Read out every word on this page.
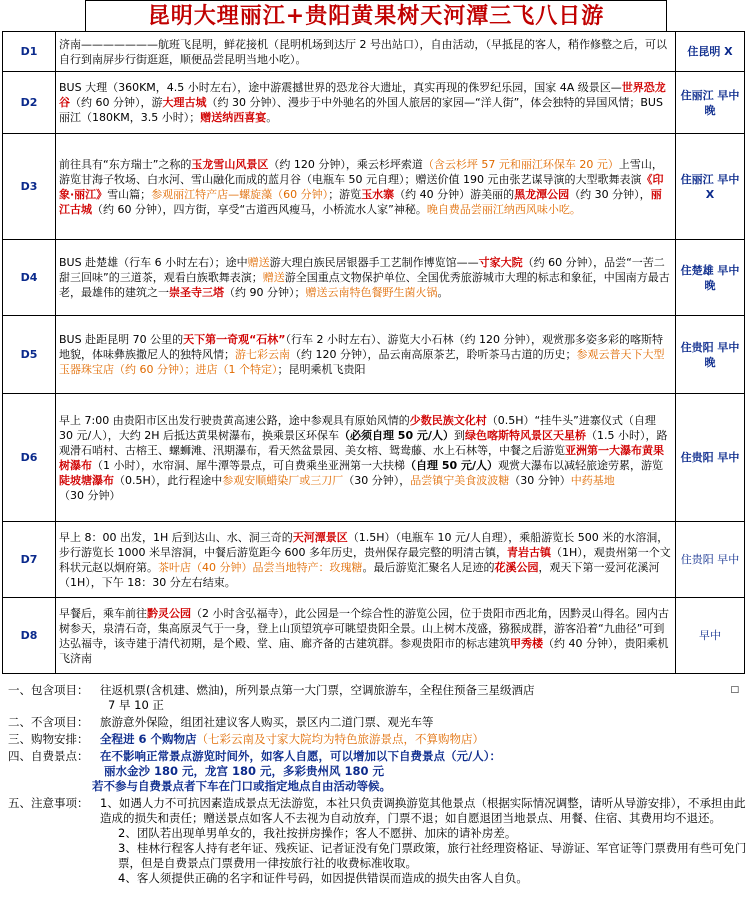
昆明大理丽江+贵阳黄果树天河潭三飞八日游
D1	济南———————航班飞昆明，鲜花接机（昆明机场到达厅 2 号出站口），自由活动，（早抵昆的客人，稍作修整之后，可以自行到南屏步行街逛逛，顺便品尝昆明当地小吃）。	住昆明 X
D2	BUS 大理（360KM，4.5 小时左右），途中游震撼世界的恐龙谷大遗址，真实再现的侏罗纪乐园，国家 4A 级景区—世界恐龙谷（约 60 分钟），游大理古城（约 30 分钟）、漫步于中外驰名的外国人旅居的家园—“洋人街”，体会独特的异国风情；BUS 丽江（180KM，3.5 小时）；赠送纳西喜宴。	住丽江 早中晚
D3	前往具有“东方瑞士”之称的玉龙雪山风景区（约 120 分钟），乘云杉坪索道（含云杉坪 57 元和丽江环保车 20 元）上雪山，游览甘海子牧场、白水河、雪山融化而成的蓝月谷（电瓶车 50 元自理）；赠送价值 190 元由张艺谋导演的大型歌舞表演《印象·丽江》雪山篇；参观丽江特产店—螺旋藻（60 分钟）；游览玉水寨（约 40 分钟）游美丽的黑龙潭公园（约 30 分钟），丽江古城（约 60 分钟），四方街，享受“古道西风瘦马，小桥流水人家”神秘。晚自费品尝丽江纳西风味小吃。	住丽江 早中 X
D4	BUS 赴楚雄（行车 6 小时左右）；途中赠送游大理白族民居银器手工艺制作博览馆——寸家大院（约 60 分钟），品尝“一苦二甜三回味”的三道茶，观看白族歌舞表演；赠送游全国重点文物保护单位、全国优秀旅游城市大理的标志和象征，中国南方最古老，最雄伟的建筑之一崇圣寺三塔（约 90 分钟）；赠送云南特色餐野生菌火锅。	住楚雄 早中晚
D5	BUS 赴距昆明 70 公里的天下第一奇观“石林”（行车 2 小时左右）、游览大小石林（约 120 分钟），观赏那多姿多彩的喀斯特地貌，体味彝族撒尼人的独特风情；游七彩云南（约 120 分钟），品云南高原茶艺，聆听茶马古道的历史；参观云普天下大型玉器珠宝店（约 60 分钟）；进店（1 个特定）；昆明乘机飞贵阳	住贵阳 早中晚
D6	早上 7:00 由贵阳市区出发行驶贵黄高速公路，途中参观具有原始风情的少数民族文化村（0.5H）“挂牛头”进寨仪式（自理 30 元/人），大约 2H 后抵达黄果树瀑布，换乘景区环保车（必须自理 50 元/人）到绿色喀斯特风景区天星桥（1.5 小时），路观滑石哨村、古榕王、螺蛳滩、汛期瀑布，看天然盆景园、美女榕、鸳鸯藤、水上石林等，中餐之后游览亚洲第一大瀑布黄果树瀑布（1 小时），水帘洞、犀牛潭等景点，可自费乘坐亚洲第一大扶梯（自理 50 元/人）观赏大瀑布以减轻旅途劳累，游览陡坡塘瀑布（0.5H），此行程途中参观安顺蜡染厂或三刀厂（30 分钟），品尝镇宁美食波波糖（30 分钟）中药基地（30 分钟）	住贵阳 早中
D7	早上 8：00 出发，1H 后到达山、水、洞三奇的天河潭景区（1.5H）（电瓶车 10 元/人自理），乘船游览长 500 米的水溶洞，步行游览长 1000 米旱溶洞，中餐后游览距今 600 多年历史，贵州保存最完整的明清古镇，青岩古镇（1H），观贵州第一个文科状元赵以炯府第。茶叶店（40 分钟）品尝当地特产：玫瑰糖。最后游览汇聚名人足迹的花溪公园，观天下第一爱河花溪河（1H），下午 18：30 分左右结束。	住贵阳 早中
D8	早餐后，乘车前往黔灵公园（2 小时含弘福寺），此公园是一个综合性的游览公园，位于贵阳市西北角，因黔灵山得名。园内古树参天，泉清石奇，集高原灵气于一身，登上山顶望筑亭可眺望贵阳全景。山上树木茂盛，猕猴成群，游客沿着“九曲径”可到达弘福寺，该寺建于清代初期，是个殿、堂、庙、廊齐备的古建筑群。参观贵阳市的标志建筑甲秀楼（约 40 分钟），贵阳乘机飞济南	早中
一、包含项目： 往返机票(含机建、燃油)，所列景点第一大门票，空调旅游车，全程住预备三星级酒店	□
7 早 10 正
二、不含项目： 旅游意外保险，组团社建议客人购买，景区内二道门票、观光车等
三、购物安排： 全程进 6 个购物店（七彩云南及寸家大院均为特色旅游景点，不算购物店）
四、自费景点： 在不影响正常景点游览时间外，如客人自愿，可以增加以下自费景点（元/人）：
丽水金沙 180 元，龙宫 180 元，多彩贵州风 180 元
若不参与自费景点者下车在门口或指定地点自由活动等候。
五、注意事项： 1、如遇人力不可抗因素造成景点无法游览，本社只负责调换游览其他景点（根据实际情况调整，请听从导游安排），不承担由此造成的损失和责任；赠送景点如客人不去视为自动放弃，门票不退；如自愿退团当地景点、用餐、住宿、其费用均不退还。
2、团队若出现单男单女的，我社按拼房操作；客人不愿拼、加床的请补房差。
3、桂林行程客人持有老年证、残疾证、记者证没有免门票政策，旅行社经理资格证、导游证、军官证等门票费用有些可免门票，但是自费景点门票费用一律按旅行社的收费标准收取。
4、客人须提供正确的名字和证件号码，如因提供错误而造成的损失由客人自负。
